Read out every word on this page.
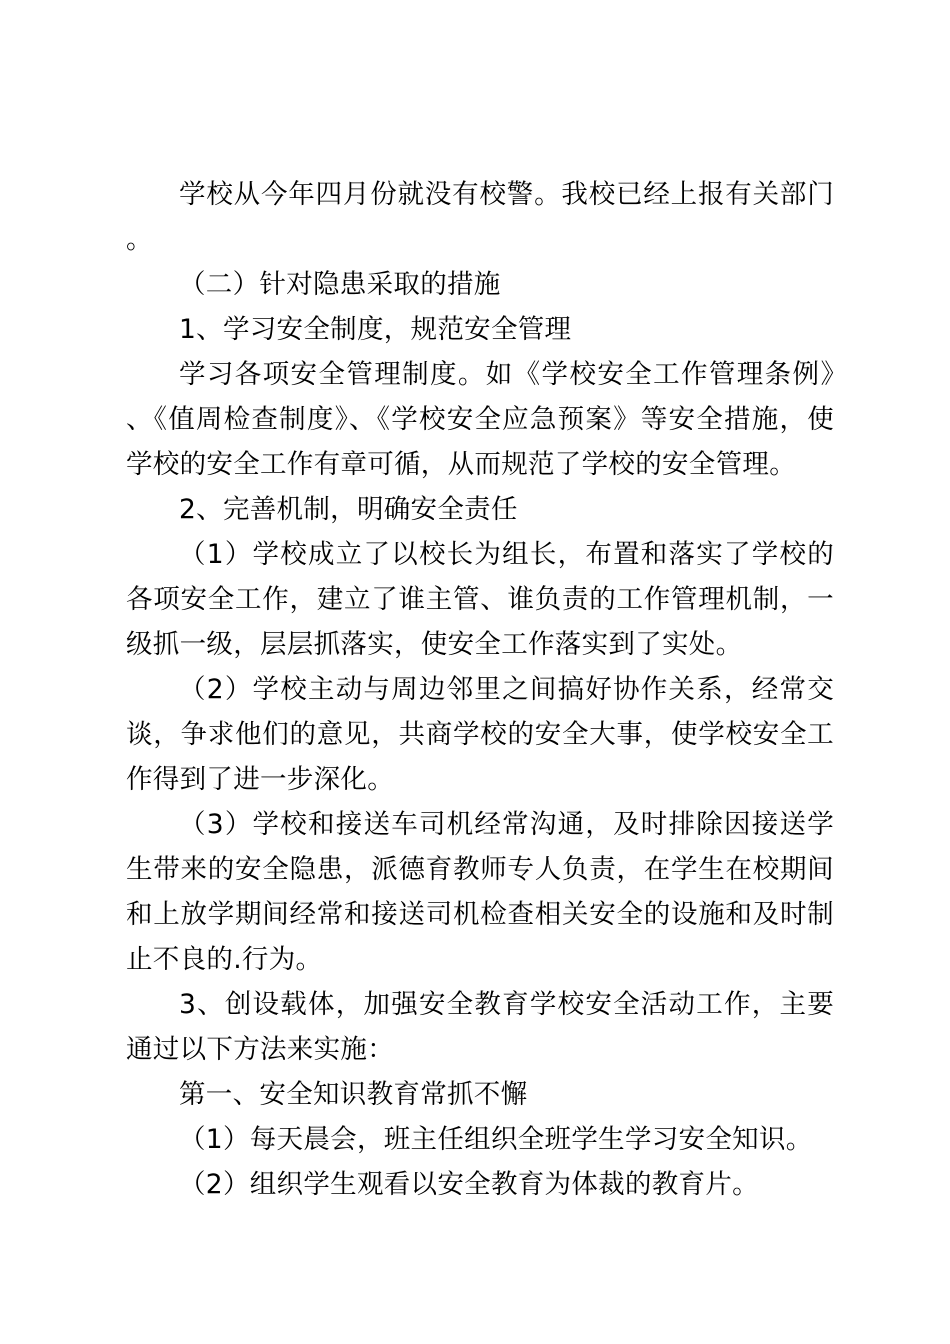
学校从今年四月份就没有校警。我校已经上报有关部门。

（二）针对隐患采取的措施

1、学习安全制度，规范安全管理

学习各项安全管理制度。如《学校安全工作管理条例》、《值周检查制度》、《学校安全应急预案》等安全措施，使学校的安全工作有章可循，从而规范了学校的安全管理。

2、完善机制，明确安全责任

（1）学校成立了以校长为组长，布置和落实了学校的各项安全工作，建立了谁主管、谁负责的工作管理机制，一级抓一级，层层抓落实，使安全工作落实到了实处。

（2）学校主动与周边邻里之间搞好协作关系，经常交谈，争求他们的意见，共商学校的安全大事，使学校安全工作得到了进一步深化。

（3）学校和接送车司机经常沟通，及时排除因接送学生带来的安全隐患，派德育教师专人负责，在学生在校期间和上放学期间经常和接送司机检查相关安全的设施和及时制止不良的.行为。

3、创设载体，加强安全教育学校安全活动工作，主要通过以下方法来实施：

第一、安全知识教育常抓不懈

（1）每天晨会，班主任组织全班学生学习安全知识。

（2）组织学生观看以安全教育为体裁的教育片。
